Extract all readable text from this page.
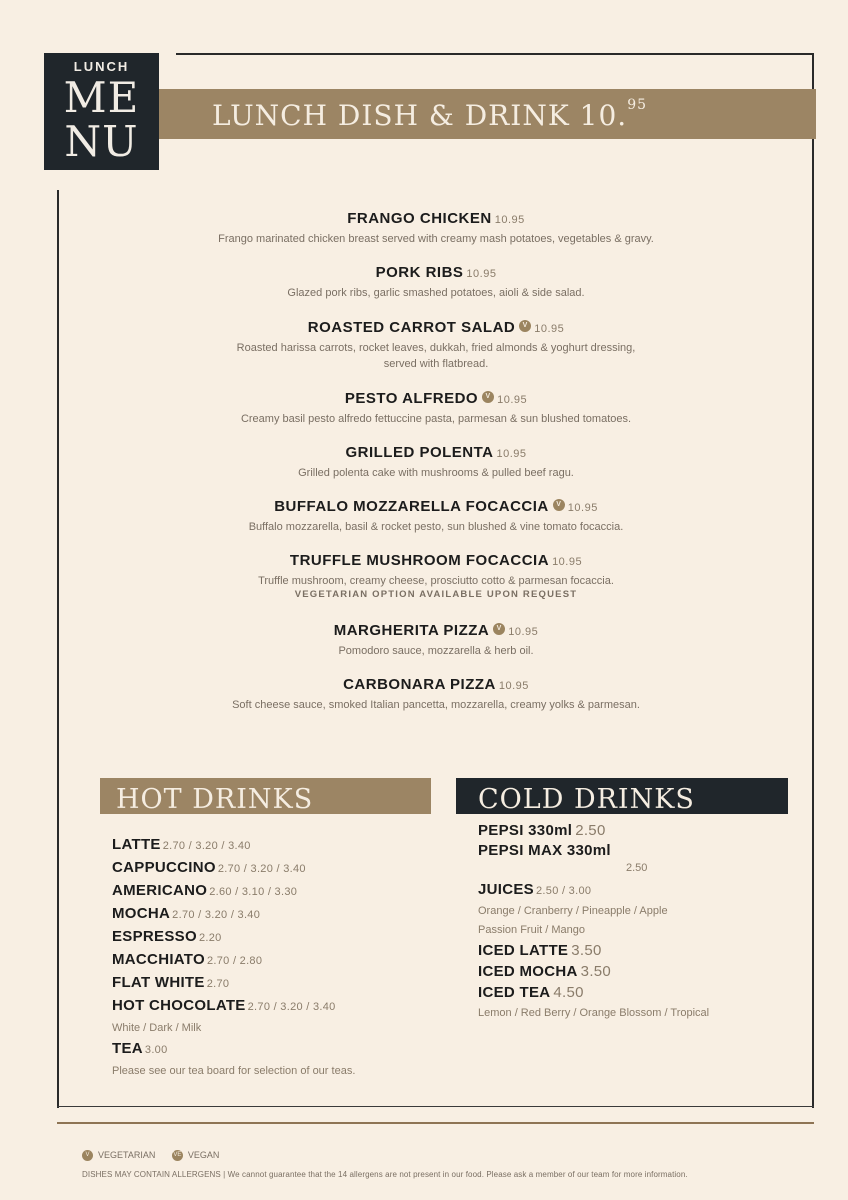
LUNCH
ME
NU
LUNCH DISH & DRINK 10.95
FRANGO CHICKEN 10.95
Frango marinated chicken breast served with creamy mash potatoes, vegetables & gravy.
PORK RIBS 10.95
Glazed pork ribs, garlic smashed potatoes, aioli & side salad.
ROASTED CARROT SALAD V 10.95
Roasted harissa carrots, rocket leaves, dukkah, fried almonds & yoghurt dressing,
served with flatbread.
PESTO ALFREDO V 10.95
Creamy basil pesto alfredo fettuccine pasta, parmesan & sun blushed tomatoes.
GRILLED POLENTA 10.95
Grilled polenta cake with mushrooms & pulled beef ragu.
BUFFALO MOZZARELLA FOCACCIA V 10.95
Buffalo mozzarella, basil & rocket pesto, sun blushed & vine tomato focaccia.
TRUFFLE MUSHROOM FOCACCIA 10.95
Truffle mushroom, creamy cheese, prosciutto cotto & parmesan focaccia.
VEGETARIAN OPTION AVAILABLE UPON REQUEST
MARGHERITA PIZZA V 10.95
Pomodoro sauce, mozzarella & herb oil.
CARBONARA PIZZA 10.95
Soft cheese sauce, smoked Italian pancetta, mozzarella, creamy yolks & parmesan.
HOT DRINKS	COLD DRINKS
LATTE 2.70 / 3.20 / 3.40
CAPPUCCINO 2.70 / 3.20 / 3.40
AMERICANO 2.60 / 3.10 / 3.30
MOCHA 2.70 / 3.20 / 3.40
ESPRESSO 2.20
MACCHIATO 2.70 / 2.80
FLAT WHITE 2.70
HOT CHOCOLATE 2.70 / 3.20 / 3.40
White / Dark / Milk
TEA 3.00
Please see our tea board for selection of our teas.
PEPSI 330ml 2.50
PEPSI MAX 330ml
2.50
JUICES 2.50 / 3.00
Orange / Cranberry / Pineapple / Apple
Passion Fruit / Mango
ICED LATTE 3.50
ICED MOCHA 3.50
ICED TEA 4.50
Lemon / Red Berry / Orange Blossom / Tropical
V VEGETARIAN	VE VEGAN
DISHES MAY CONTAIN ALLERGENS | We cannot guarantee that the 14 allergens are not present in our food. Please ask a member of our team for more information.
